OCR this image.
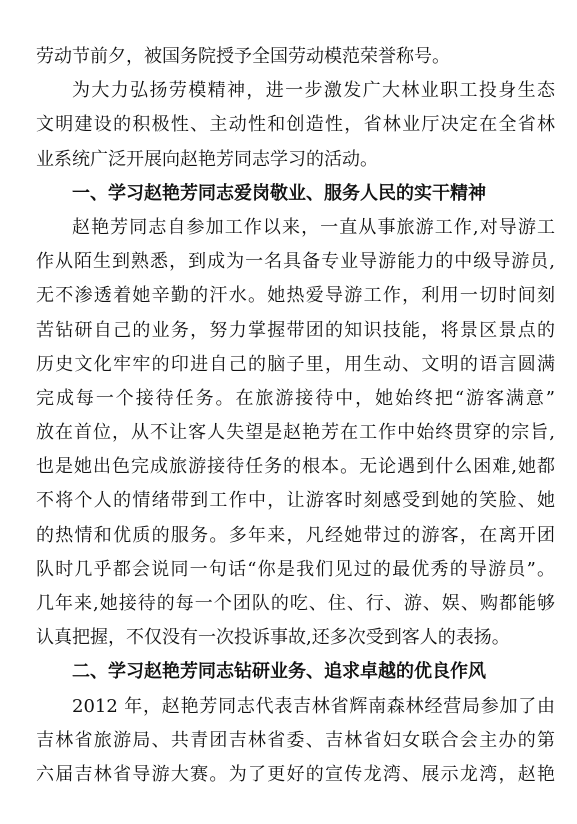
劳动节前夕，被国务院授予全国劳动模范荣誉称号。
为大力弘扬劳模精神，进一步激发广大林业职工投身生态
文明建设的积极性、主动性和创造性，省林业厅决定在全省林
业系统广泛开展向赵艳芳同志学习的活动。
一、学习赵艳芳同志爱岗敬业、服务人民的实干精神
赵艳芳同志自参加工作以来，一直从事旅游工作,对导游工
作从陌生到熟悉，到成为一名具备专业导游能力的中级导游员,
无不渗透着她辛勤的汗水。她热爱导游工作，利用一切时间刻
苦钻研自己的业务，努力掌握带团的知识技能，将景区景点的
历史文化牢牢的印进自己的脑子里，用生动、文明的语言圆满
完成每一个接待任务。在旅游接待中，她始终把“游客满意”
放在首位，从不让客人失望是赵艳芳在工作中始终贯穿的宗旨,
也是她出色完成旅游接待任务的根本。无论遇到什么困难,她都
不将个人的情绪带到工作中，让游客时刻感受到她的笑脸、她
的热情和优质的服务。多年来，凡经她带过的游客，在离开团
队时几乎都会说同一句话“你是我们见过的最优秀的导游员”。
几年来,她接待的每一个团队的吃、住、行、游、娱、购都能够
认真把握，不仅没有一次投诉事故,还多次受到客人的表扬。
二、学习赵艳芳同志钻研业务、追求卓越的优良作风
2012 年，赵艳芳同志代表吉林省辉南森林经营局参加了由
吉林省旅游局、共青团吉林省委、吉林省妇女联合会主办的第
六届吉林省导游大赛。为了更好的宣传龙湾、展示龙湾，赵艳
